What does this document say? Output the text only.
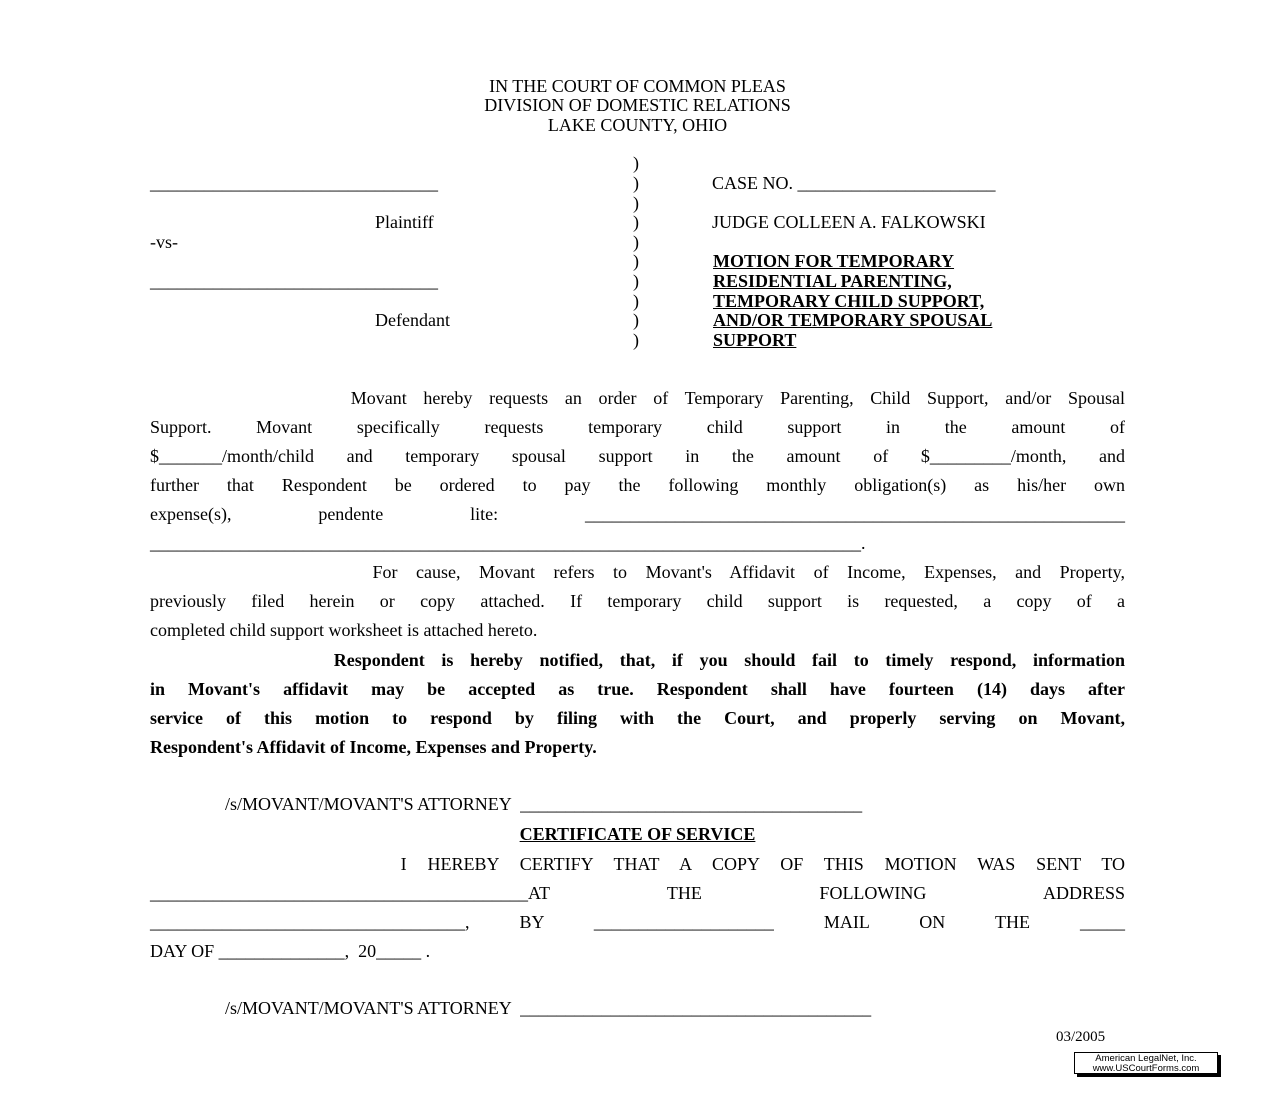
IN THE COURT OF COMMON PLEAS
DIVISION OF DOMESTIC RELATIONS
LAKE COUNTY, OHIO
________________________________
Plaintiff
-vs-
________________________________
Defendant
)
)
)
)
)
)
)
)
)
)
CASE NO. ______________________
JUDGE COLLEEN A. FALKOWSKI
MOTION FOR TEMPORARY
RESIDENTIAL PARENTING,
TEMPORARY CHILD SUPPORT,
AND/OR TEMPORARY SPOUSAL
SUPPORT
Movant hereby requests an order of Temporary Parenting, Child Support, and/or Spousal
Support. Movant specifically requests temporary child support in the amount of
$_______/month/child and temporary spousal support in the amount of $_________/month, and
further that Respondent be ordered to pay the following monthly obligation(s) as his/her own
expense(s), pendente lite: ____________________________________________________________
_______________________________________________________________________________.
For cause, Movant refers to Movant's Affidavit of Income, Expenses, and Property,
previously filed herein or copy attached. If temporary child support is requested, a copy of a
completed child support worksheet is attached hereto.
Respondent is hereby notified, that, if you should fail to timely respond, information
in Movant's affidavit may be accepted as true. Respondent shall have fourteen (14) days after
service of this motion to respond by filing with the Court, and properly serving on Movant,
Respondent's Affidavit of Income, Expenses and Property.
/s/MOVANT/MOVANT'S ATTORNEY  ______________________________________
CERTIFICATE OF SERVICE
I HEREBY CERTIFY THAT A COPY OF THIS MOTION WAS SENT TO
__________________________________________AT THE FOLLOWING ADDRESS
___________________________________, BY ____________________ MAIL ON THE _____
DAY OF ______________,  20_____ .
/s/MOVANT/MOVANT'S ATTORNEY  _______________________________________
03/2005
American LegalNet, Inc.
www.USCourtForms.com
